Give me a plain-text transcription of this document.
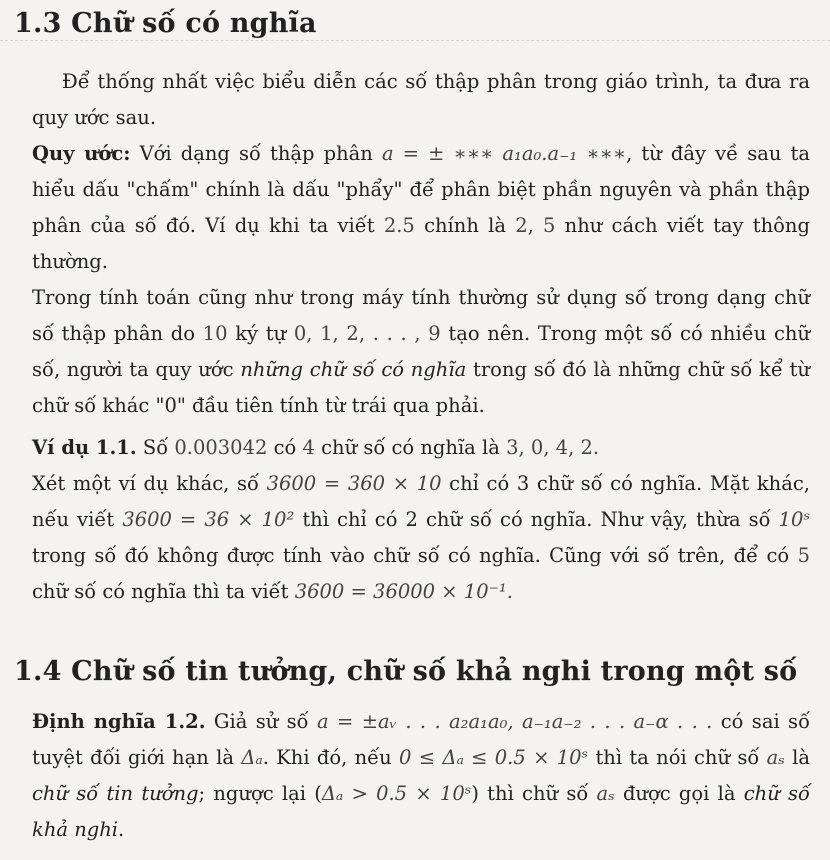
1.3 Chữ số có nghĩa

Để thống nhất việc biểu diễn các số thập phân trong giáo trình, ta đưa ra quy ước sau.

Quy ước: Với dạng số thập phân a = ± ∗∗∗ a₁a₀.a₋₁ ∗∗∗, từ đây về sau ta hiểu dấu "chấm" chính là dấu "phẩy" để phân biệt phần nguyên và phần thập phân của số đó. Ví dụ khi ta viết 2.5 chính là 2, 5 như cách viết tay thông thường.

Trong tính toán cũng như trong máy tính thường sử dụng số trong dạng chữ số thập phân do 10 ký tự 0, 1, 2, . . . , 9 tạo nên. Trong một số có nhiều chữ số, người ta quy ước những chữ số có nghĩa trong số đó là những chữ số kể từ chữ số khác "0" đầu tiên tính từ trái qua phải.

Ví dụ 1.1. Số 0.003042 có 4 chữ số có nghĩa là 3, 0, 4, 2.

Xét một ví dụ khác, số 3600 = 360 × 10 chỉ có 3 chữ số có nghĩa. Mặt khác, nếu viết 3600 = 36 × 10² thì chỉ có 2 chữ số có nghĩa. Như vậy, thừa số 10ˢ trong số đó không được tính vào chữ số có nghĩa. Cũng với số trên, để có 5 chữ số có nghĩa thì ta viết 3600 = 36000 × 10⁻¹.

1.4 Chữ số tin tưởng, chữ số khả nghi trong một số

Định nghĩa 1.2. Giả sử số a = ±aᵥ . . . a₂a₁a₀, a₋₁a₋₂ . . . a₋α . . . có sai số tuyệt đối giới hạn là Δₐ. Khi đó, nếu 0 ≤ Δₐ ≤ 0.5 × 10ˢ thì ta nói chữ số aₛ là chữ số tin tưởng; ngược lại (Δₐ > 0.5 × 10ˢ) thì chữ số aₛ được gọi là chữ số khả nghi.
